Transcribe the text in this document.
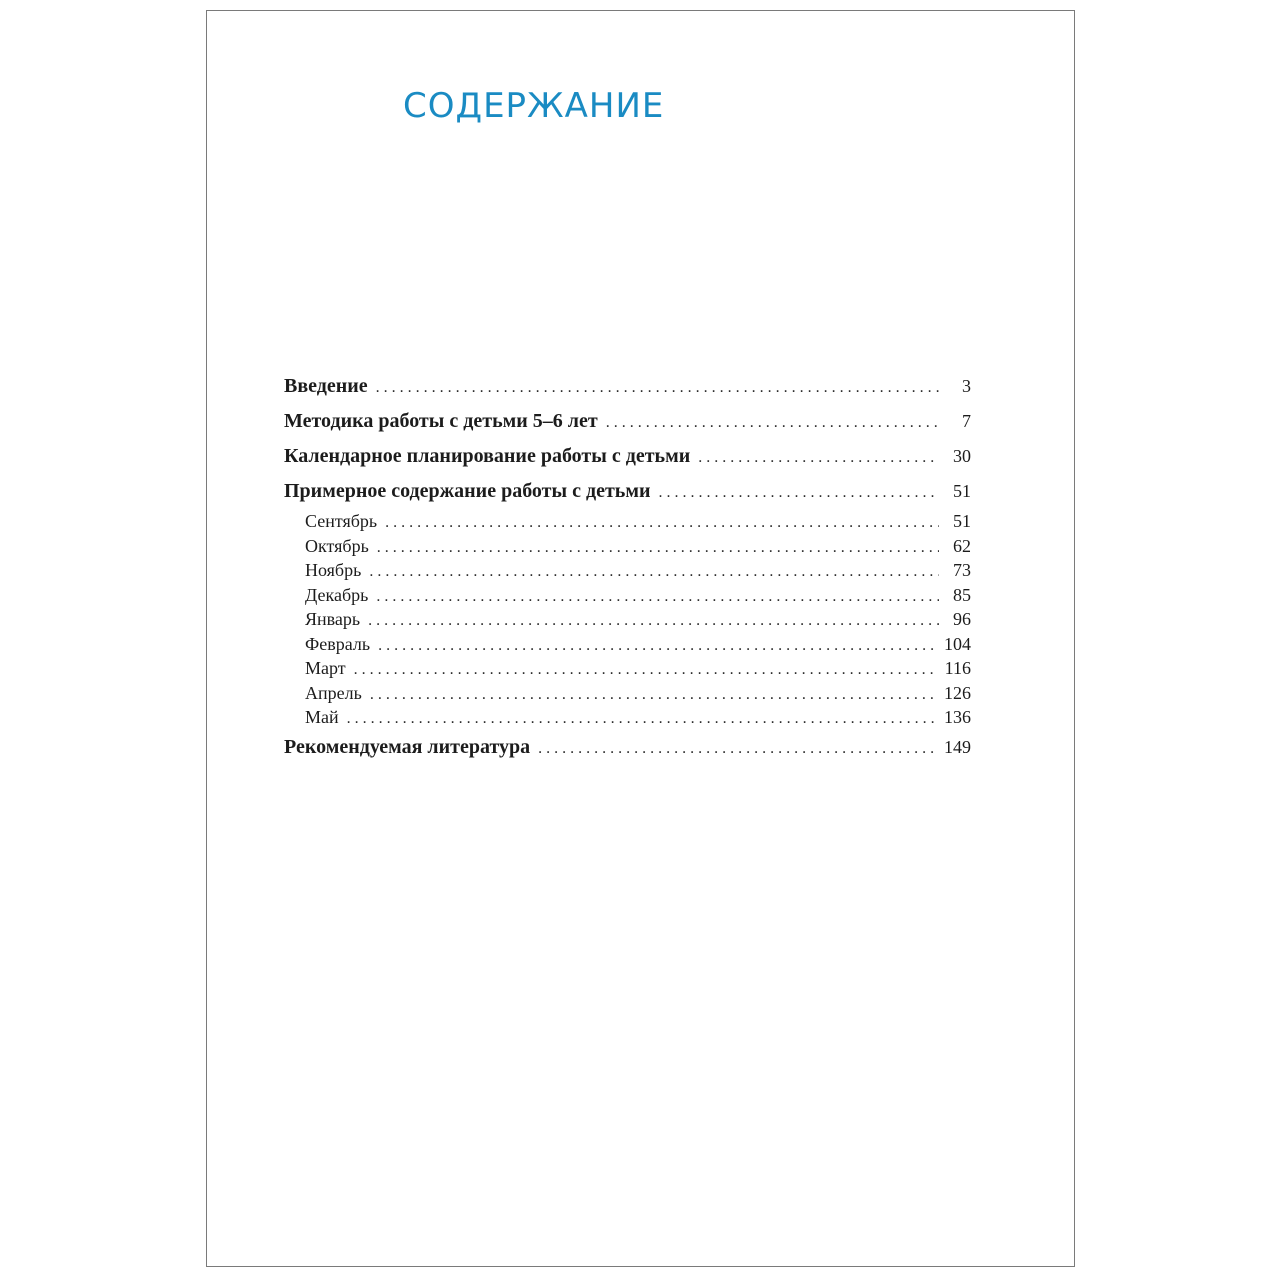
СОДЕРЖАНИЕ
Введение . . .	3
Методика работы с детьми 5–6 лет . . .	7
Календарное планирование работы с детьми . . .	30
Примерное содержание работы с детьми . . .	51
Сентябрь . . .	51
Октябрь . . .	62
Ноябрь . . .	73
Декабрь . . .	85
Январь . . .	96
Февраль . . .	104
Март . . .	116
Апрель . . .	126
Май . . .	136
Рекомендуемая литература . . .	149
